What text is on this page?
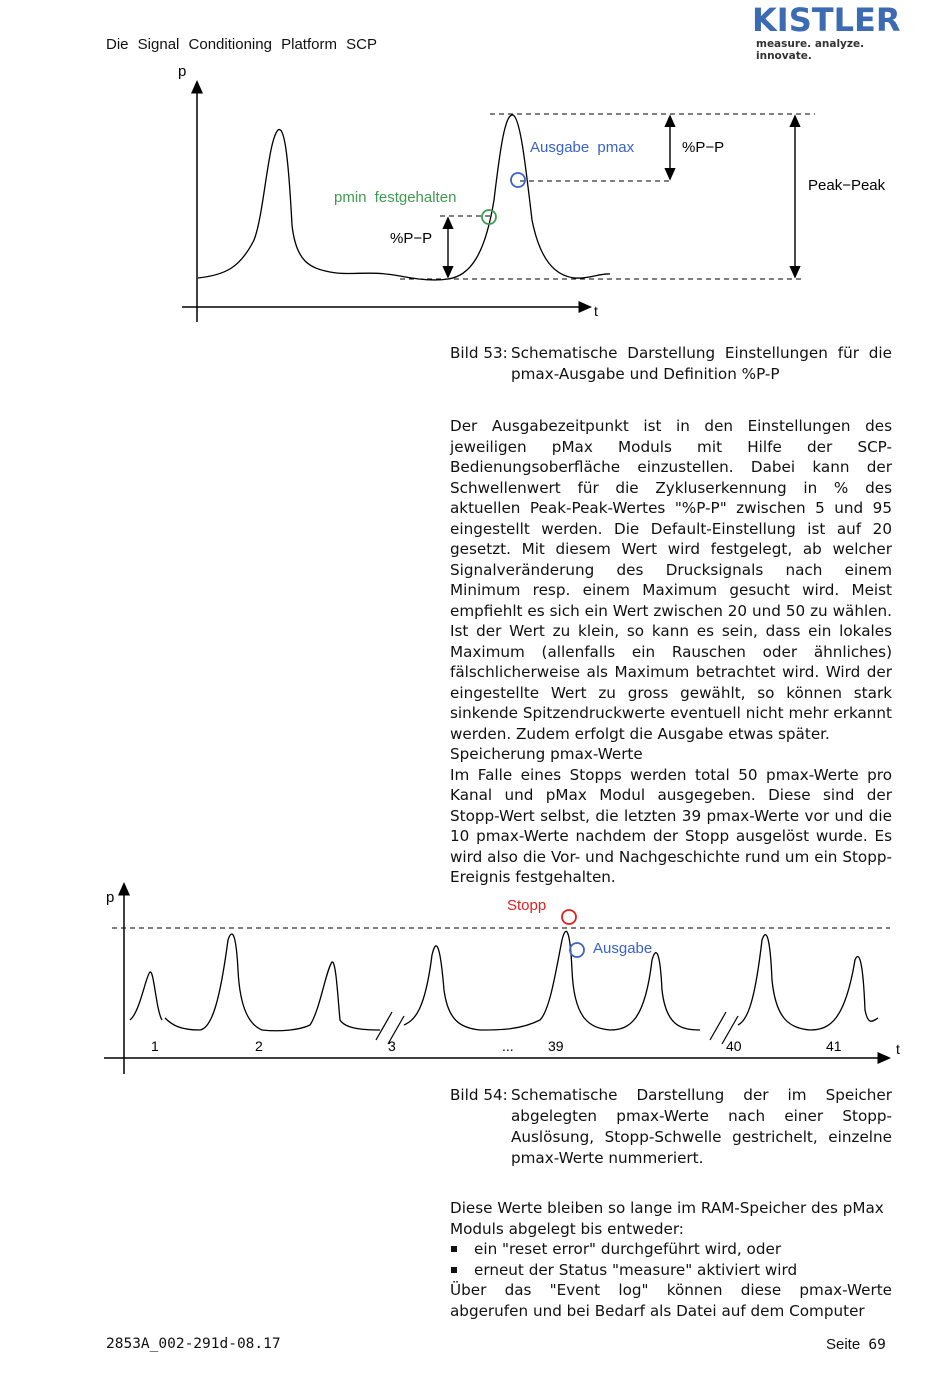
Die Signal Conditioning Platform SCP
KISTLER
measure. analyze. innovate.
p
t
Ausgabe pmax
pmin festgehalten
%P−P
%P−P
Peak−Peak
Bild 53: Schematische Darstellung Einstellungen für die pmax-Ausgabe und Definition %P-P

Der Ausgabezeitpunkt ist in den Einstellungen des jeweiligen pMax Moduls mit Hilfe der SCP-Bedienungsoberfläche einzustellen. Dabei kann der Schwellenwert für die Zykluserkennung in % des aktuellen Peak-Peak-Wertes "%P-P" zwischen 5 und 95 eingestellt werden. Die Default-Einstellung ist auf 20 gesetzt. Mit diesem Wert wird festgelegt, ab welcher Signalveränderung des Drucksignals nach einem Minimum resp. einem Maximum gesucht wird. Meist empfiehlt es sich ein Wert zwischen 20 und 50 zu wählen. Ist der Wert zu klein, so kann es sein, dass ein lokales Maximum (allenfalls ein Rauschen oder ähnliches) fälschlicherweise als Maximum betrachtet wird. Wird der eingestellte Wert zu gross gewählt, so können stark sinkende Spitzendruckwerte eventuell nicht mehr erkannt werden. Zudem erfolgt die Ausgabe etwas später.

Speicherung pmax-Werte

Im Falle eines Stopps werden total 50 pmax-Werte pro Kanal und pMax Modul ausgegeben. Diese sind der Stopp-Wert selbst, die letzten 39 pmax-Werte vor und die 10 pmax-Werte nachdem der Stopp ausgelöst wurde. Es wird also die Vor- und Nachgeschichte rund um ein Stopp-Ereignis festgehalten.

p
t
Stopp
Ausgabe
1	2	3	... 39	40	41
Bild 54: Schematische Darstellung der im Speicher abgelegten pmax-Werte nach einer Stopp-Auslösung, Stopp-Schwelle gestrichelt, einzelne pmax-Werte nummeriert.

Diese Werte bleiben so lange im RAM-Speicher des pMax Moduls abgelegt bis entweder:

ein "reset error" durchgeführt wird, oder
erneut der Status "measure" aktiviert wird

Über das "Event log" können diese pmax-Werte abgerufen und bei Bedarf als Datei auf dem Computer

2853A_002-291d-08.17	Seite 69
